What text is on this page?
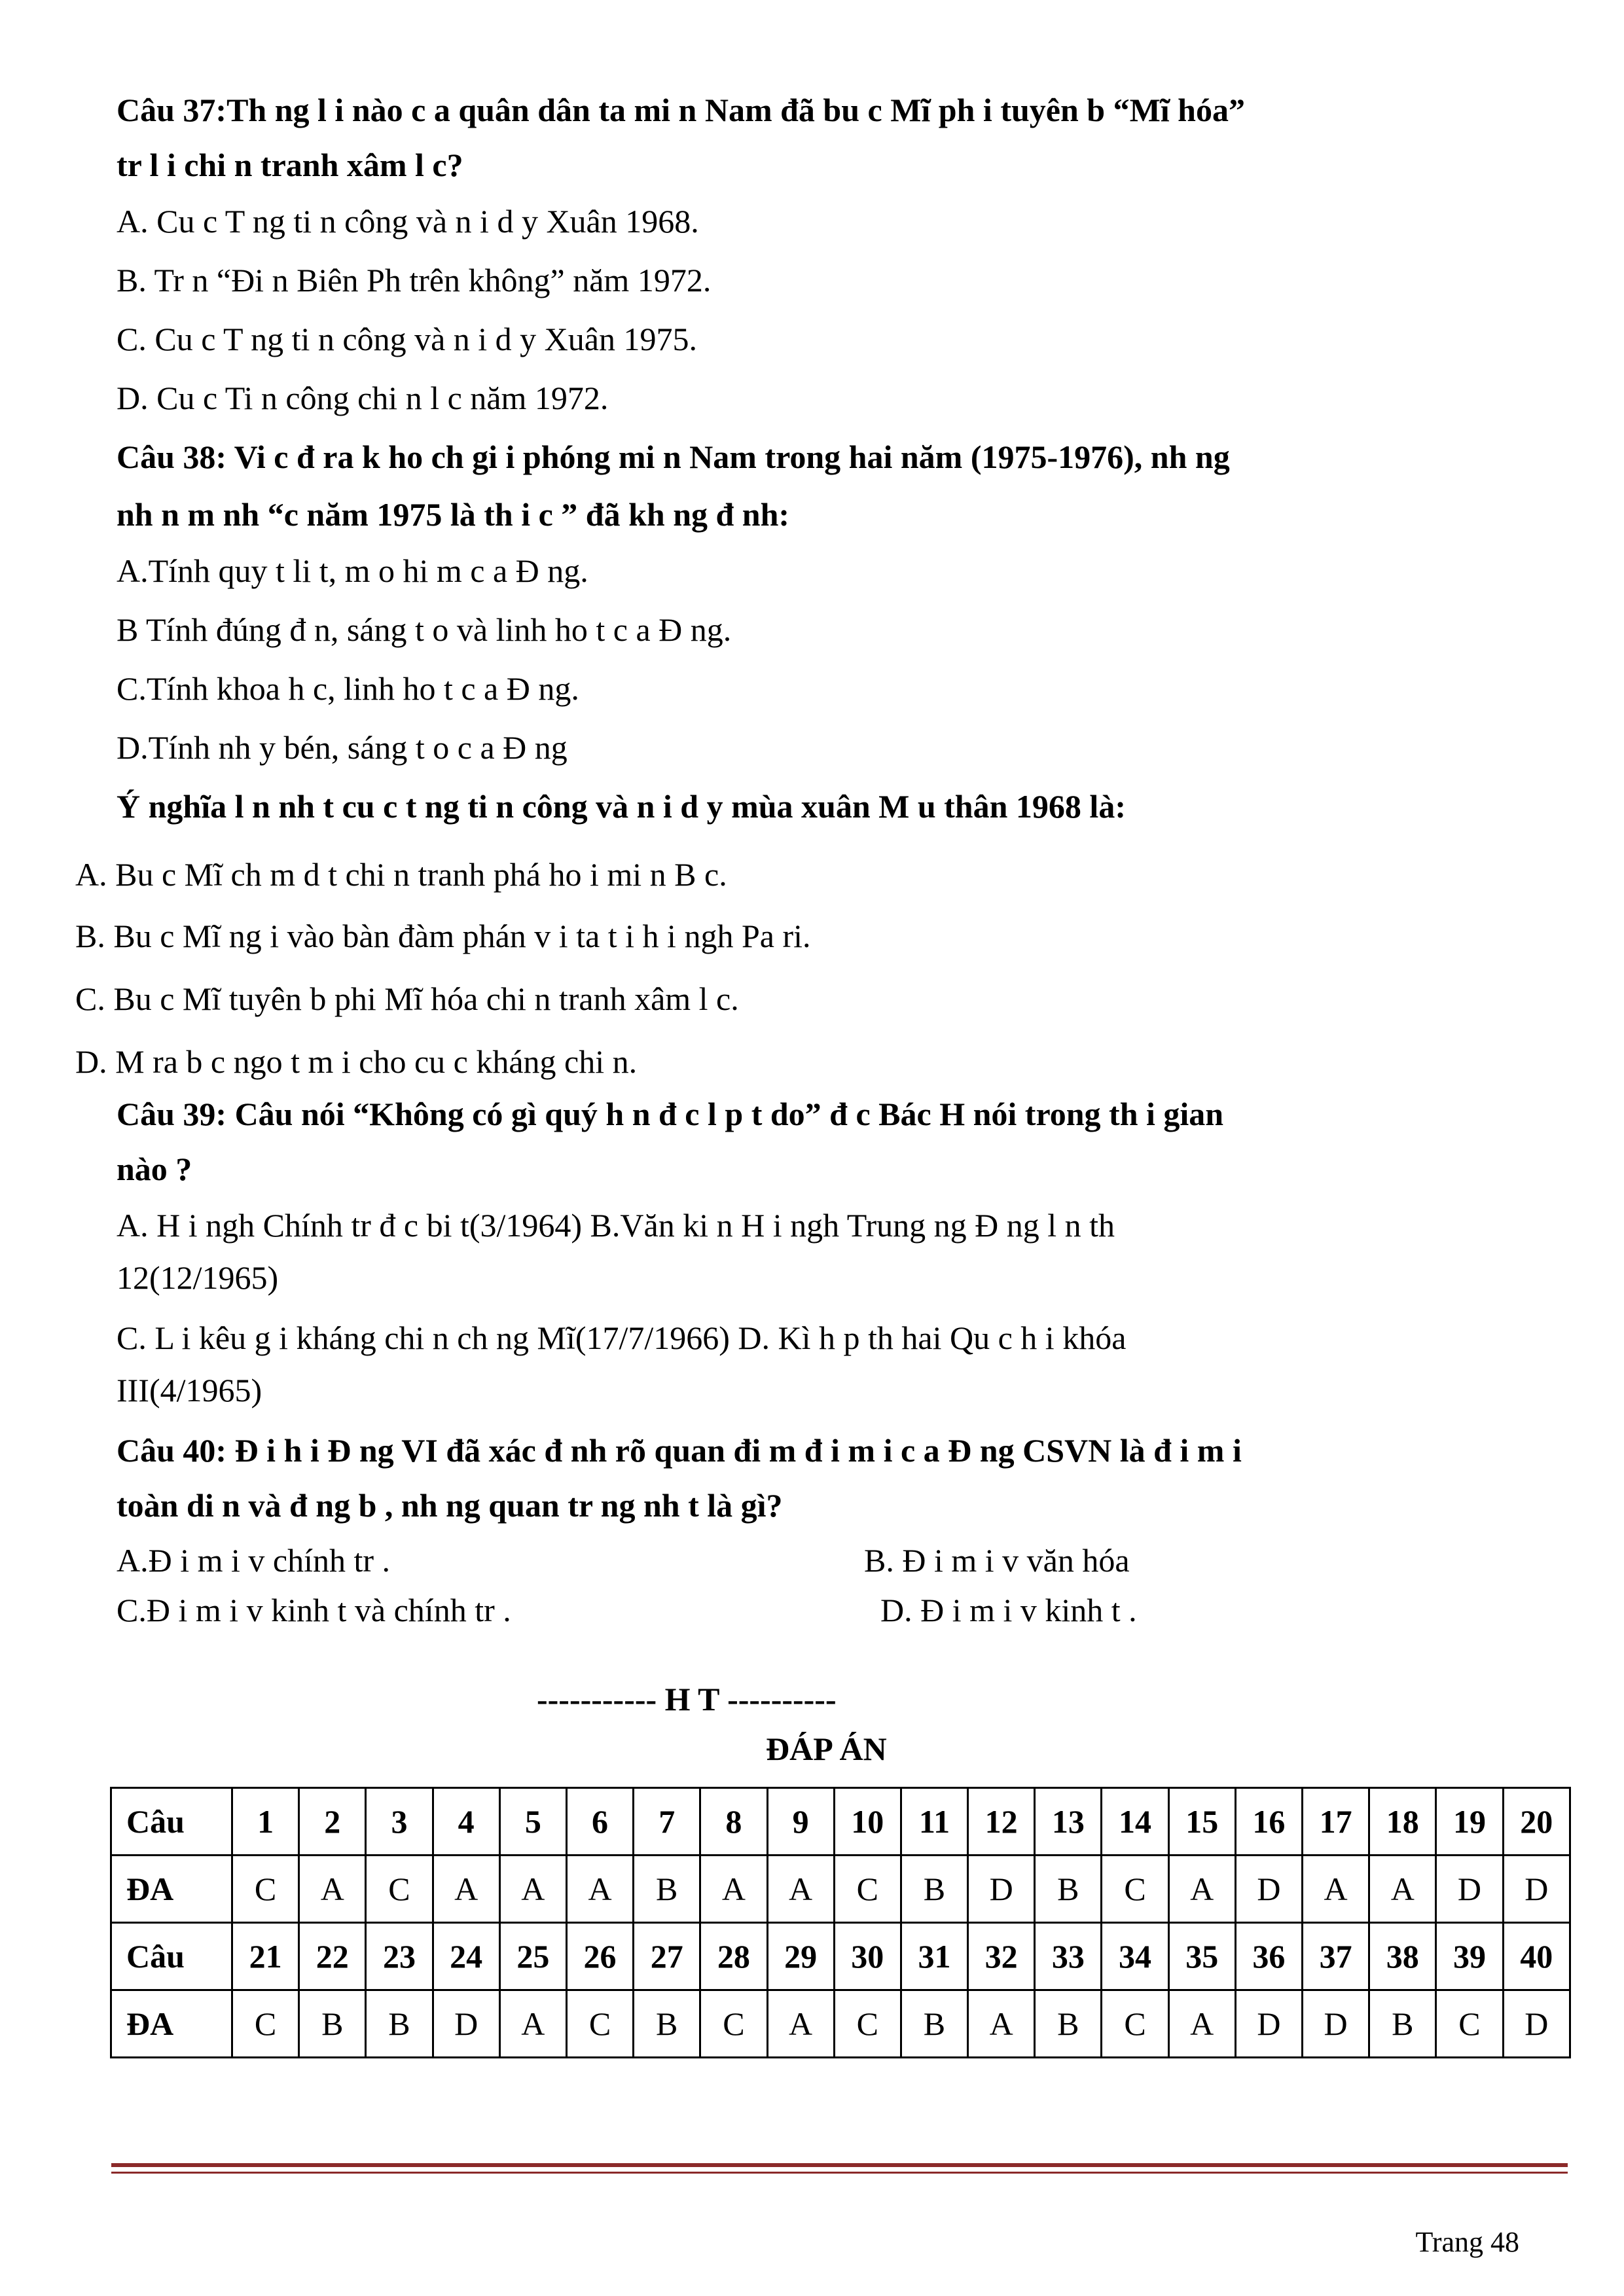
Câu 37:Th ng l i nào c a quân dân ta mi n Nam đã bu c Mĩ ph i tuyên b “Mĩ hóa”
tr l i chi n tranh xâm l c?
A. Cu c T ng ti n công và n i d y Xuân 1968.
B. Tr n “Đi n Biên Ph trên không” năm 1972.
C. Cu c T ng ti n công và n i d y Xuân 1975.
D. Cu c Ti n công chi n l c năm 1972.
Câu 38: Vi c đ ra k ho ch gi i phóng mi n Nam trong hai năm (1975-1976), nh ng
nh n m nh “c năm 1975 là th i c ” đã kh ng đ nh:
A.Tính quy t li t, m o hi m c a Đ ng.
B Tính đúng đ n, sáng t o và linh ho t c a Đ ng.
C.Tính khoa h c, linh ho t c a Đ ng.
D.Tính nh y bén, sáng t o c a Đ ng
Ý nghĩa l n nh t cu c t ng ti n công và n i d y mùa xuân M u thân 1968 là:
A. Bu c Mĩ ch m d t chi n tranh phá ho i mi n B c.
B. Bu c Mĩ ng i vào bàn đàm phán v i ta t i h i ngh Pa ri.
C. Bu c Mĩ tuyên b phi Mĩ hóa chi n tranh xâm l c.
D. M ra b c ngo t m i cho cu c kháng chi n.
Câu 39: Câu nói “Không có gì quý h n đ c l p t do” đ c Bác H nói trong th i gian
nào ?
A. H i ngh Chính tr đ c bi t(3/1964) B.Văn ki n H i ngh Trung ng Đ ng l n th
12(12/1965)
C. L i kêu g i kháng chi n ch ng Mĩ(17/7/1966) D. Kì h p th hai Qu c h i khóa
III(4/1965)
Câu 40: Đ i h i Đ ng VI đã xác đ nh rõ quan đi m đ i m i c a Đ ng CSVN là đ i m i
toàn di n và đ ng b , nh ng quan tr ng nh t là gì?
A.Đ i m i v chính tr .	B. Đ i m i v văn hóa
C.Đ i m i v kinh t và chính tr .	D. Đ i m i v kinh t .
----------- H T ----------
ĐÁP ÁN
Câu	1	2	3	4	5	6	7	8	9	10	11	12	13	14	15	16	17	18	19	20
ĐA	C	A	C	A	A	A	B	A	A	C	B	D	B	C	A	D	A	A	D	D
Câu	21	22	23	24	25	26	27	28	29	30	31	32	33	34	35	36	37	38	39	40
ĐA	C	B	B	D	A	C	B	C	A	C	B	A	B	C	A	D	D	B	C	D
Trang 48
